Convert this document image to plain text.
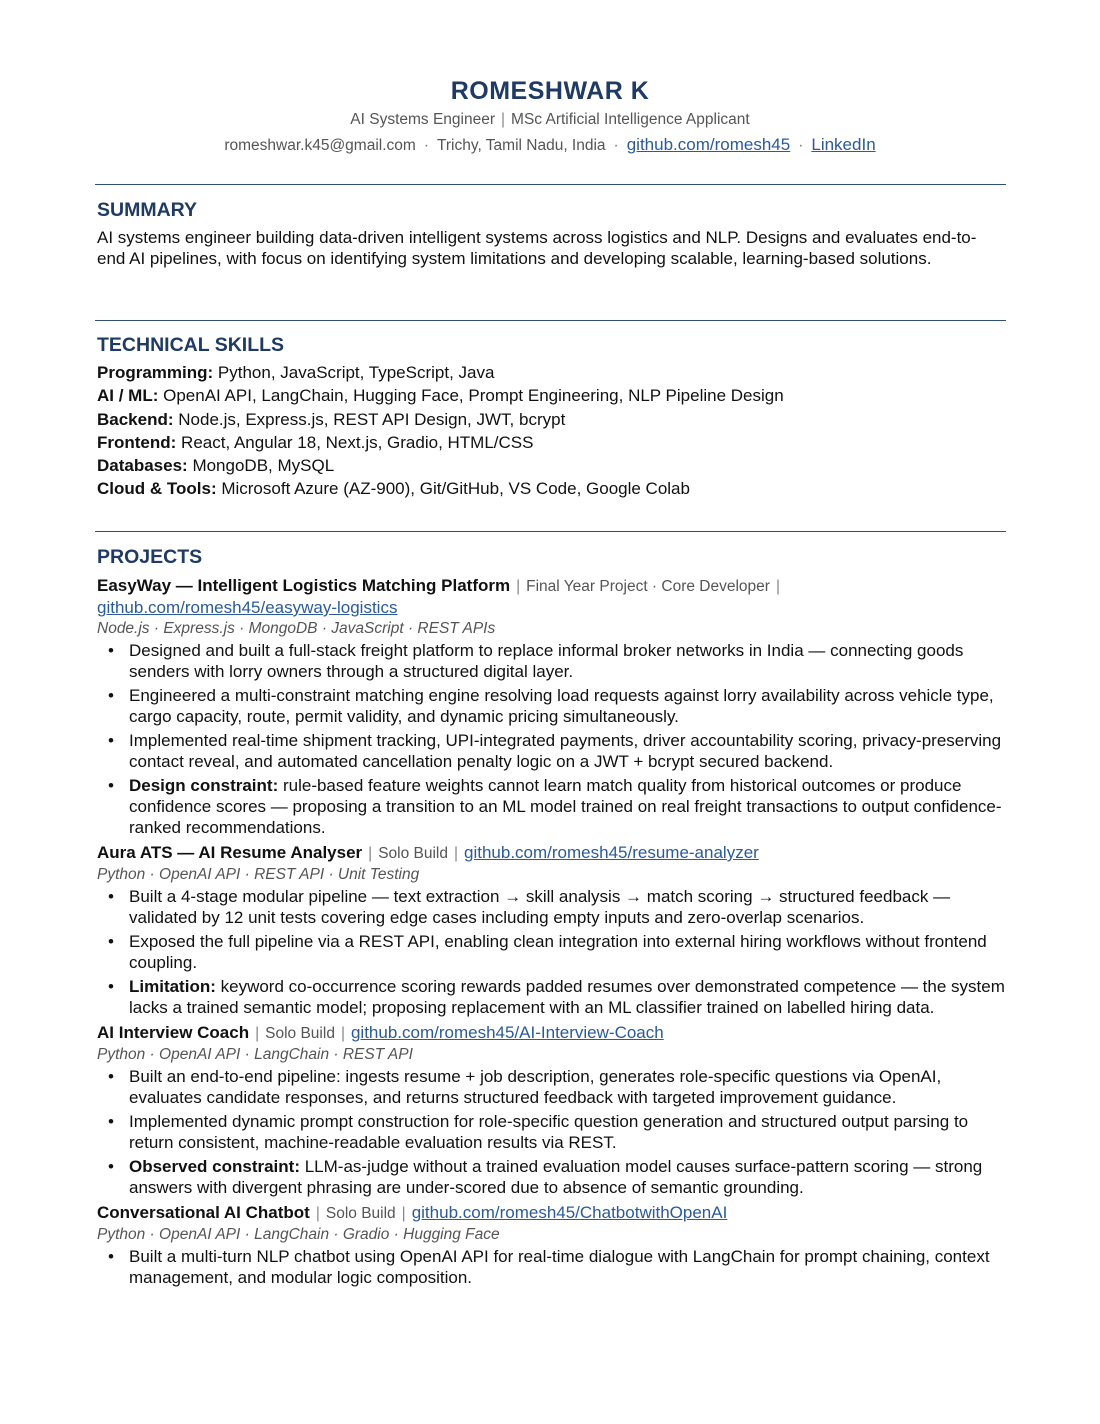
ROMESHWAR K
AI Systems Engineer | MSc Artificial Intelligence Applicant
romeshwar.k45@gmail.com · Trichy, Tamil Nadu, India · github.com/romesh45 · LinkedIn
SUMMARY
AI systems engineer building data-driven intelligent systems across logistics and NLP. Designs and evaluates end-to-end AI pipelines, with focus on identifying system limitations and developing scalable, learning-based solutions.
TECHNICAL SKILLS
Programming: Python, JavaScript, TypeScript, Java
AI / ML: OpenAI API, LangChain, Hugging Face, Prompt Engineering, NLP Pipeline Design
Backend: Node.js, Express.js, REST API Design, JWT, bcrypt
Frontend: React, Angular 18, Next.js, Gradio, HTML/CSS
Databases: MongoDB, MySQL
Cloud & Tools: Microsoft Azure (AZ-900), Git/GitHub, VS Code, Google Colab
PROJECTS
EasyWay — Intelligent Logistics Matching Platform | Final Year Project · Core Developer |
github.com/romesh45/easyway-logistics
Node.js · Express.js · MongoDB · JavaScript · REST APIs
• Designed and built a full-stack freight platform to replace informal broker networks in India — connecting goods senders with lorry owners through a structured digital layer.
• Engineered a multi-constraint matching engine resolving load requests against lorry availability across vehicle type, cargo capacity, route, permit validity, and dynamic pricing simultaneously.
• Implemented real-time shipment tracking, UPI-integrated payments, driver accountability scoring, privacy-preserving contact reveal, and automated cancellation penalty logic on a JWT + bcrypt secured backend.
• Design constraint: rule-based feature weights cannot learn match quality from historical outcomes or produce confidence scores — proposing a transition to an ML model trained on real freight transactions to output confidence-ranked recommendations.
Aura ATS — AI Resume Analyser | Solo Build | github.com/romesh45/resume-analyzer
Python · OpenAI API · REST API · Unit Testing
• Built a 4-stage modular pipeline — text extraction → skill analysis → match scoring → structured feedback — validated by 12 unit tests covering edge cases including empty inputs and zero-overlap scenarios.
• Exposed the full pipeline via a REST API, enabling clean integration into external hiring workflows without frontend coupling.
• Limitation: keyword co-occurrence scoring rewards padded resumes over demonstrated competence — the system lacks a trained semantic model; proposing replacement with an ML classifier trained on labelled hiring data.
AI Interview Coach | Solo Build | github.com/romesh45/AI-Interview-Coach
Python · OpenAI API · LangChain · REST API
• Built an end-to-end pipeline: ingests resume + job description, generates role-specific questions via OpenAI, evaluates candidate responses, and returns structured feedback with targeted improvement guidance.
• Implemented dynamic prompt construction for role-specific question generation and structured output parsing to return consistent, machine-readable evaluation results via REST.
• Observed constraint: LLM-as-judge without a trained evaluation model causes surface-pattern scoring — strong answers with divergent phrasing are under-scored due to absence of semantic grounding.
Conversational AI Chatbot | Solo Build | github.com/romesh45/ChatbotwithOpenAI
Python · OpenAI API · LangChain · Gradio · Hugging Face
• Built a multi-turn NLP chatbot using OpenAI API for real-time dialogue with LangChain for prompt chaining, context management, and modular logic composition.
